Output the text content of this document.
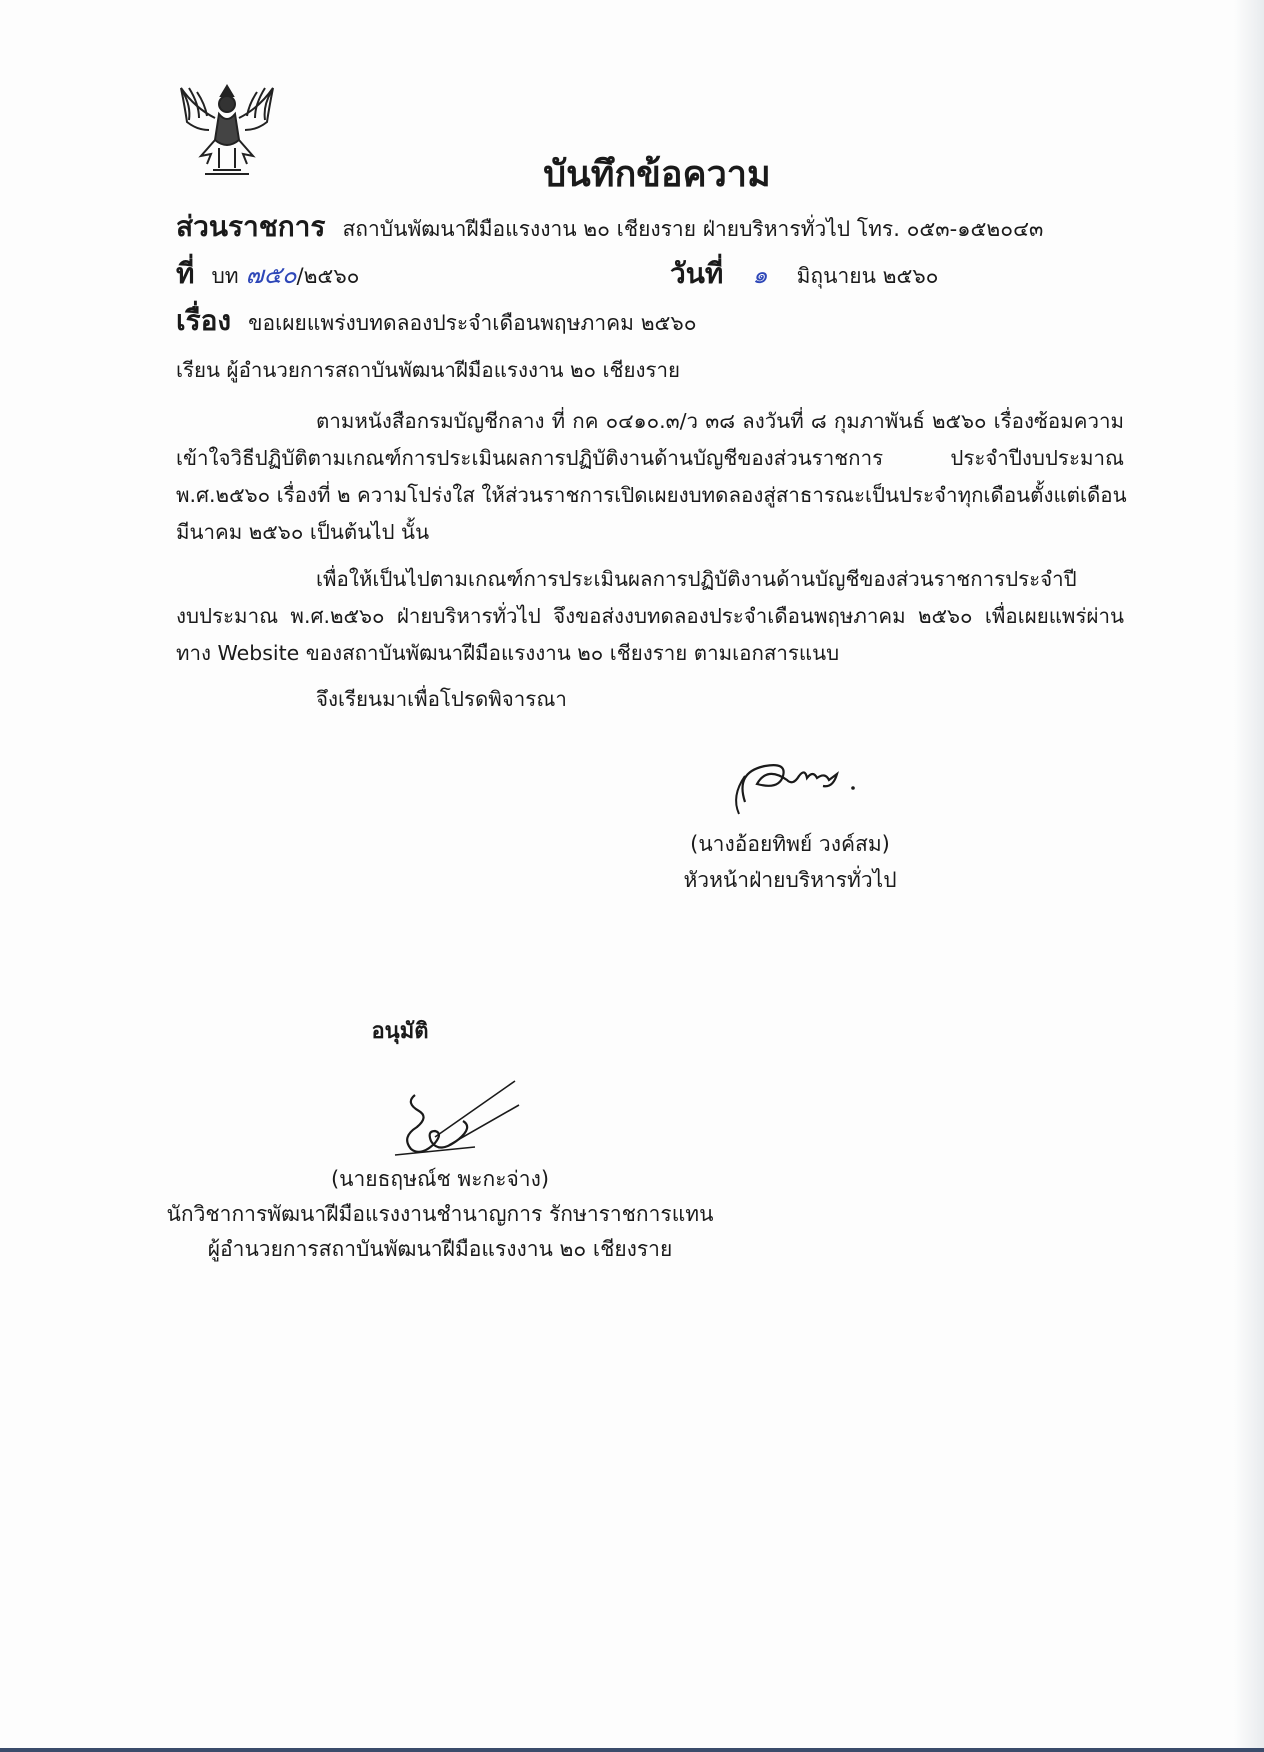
บันทึกข้อความ
ส่วนราชการ สถาบันพัฒนาฝีมือแรงงาน ๒๐ เชียงราย ฝ่ายบริหารทั่วไป โทร. ๐๕๓-๑๕๒๐๔๓
ที่ บท ๗๕๐/๒๕๖๐	วันที่ ๑ มิถุนายน ๒๕๖๐
เรื่อง ขอเผยแพร่งบทดลองประจำเดือนพฤษภาคม ๒๕๖๐
เรียน ผู้อำนวยการสถาบันพัฒนาฝีมือแรงงาน ๒๐ เชียงราย
ตามหนังสือกรมบัญชีกลาง ที่ กค ๐๔๑๐.๓/ว ๓๘ ลงวันที่ ๘ กุมภาพันธ์ ๒๕๖๐ เรื่องซ้อมความ
เข้าใจวิธีปฏิบัติตามเกณฑ์การประเมินผลการปฏิบัติงานด้านบัญชีของส่วนราชการ ประจำปีงบประมาณ
พ.ศ.๒๕๖๐ เรื่องที่ ๒ ความโปร่งใส ให้ส่วนราชการเปิดเผยงบทดลองสู่สาธารณะเป็นประจำทุกเดือนตั้งแต่เดือน
มีนาคม ๒๕๖๐ เป็นต้นไป นั้น
เพื่อให้เป็นไปตามเกณฑ์การประเมินผลการปฏิบัติงานด้านบัญชีของส่วนราชการประจำปี
งบประมาณ พ.ศ.๒๕๖๐ ฝ่ายบริหารทั่วไป จึงขอส่งงบทดลองประจำเดือนพฤษภาคม ๒๕๖๐ เพื่อเผยแพร่ผ่าน
ทาง Website ของสถาบันพัฒนาฝีมือแรงงาน ๒๐ เชียงราย ตามเอกสารแนบ
จึงเรียนมาเพื่อโปรดพิจารณา
(นางอ้อยทิพย์ วงค์สม)
หัวหน้าฝ่ายบริหารทั่วไป
อนุมัติ
(นายธฤษณ์ช พะกะจ่าง)
นักวิชาการพัฒนาฝีมือแรงงานชำนาญการ รักษาราชการแทน
ผู้อำนวยการสถาบันพัฒนาฝีมือแรงงาน ๒๐ เชียงราย
